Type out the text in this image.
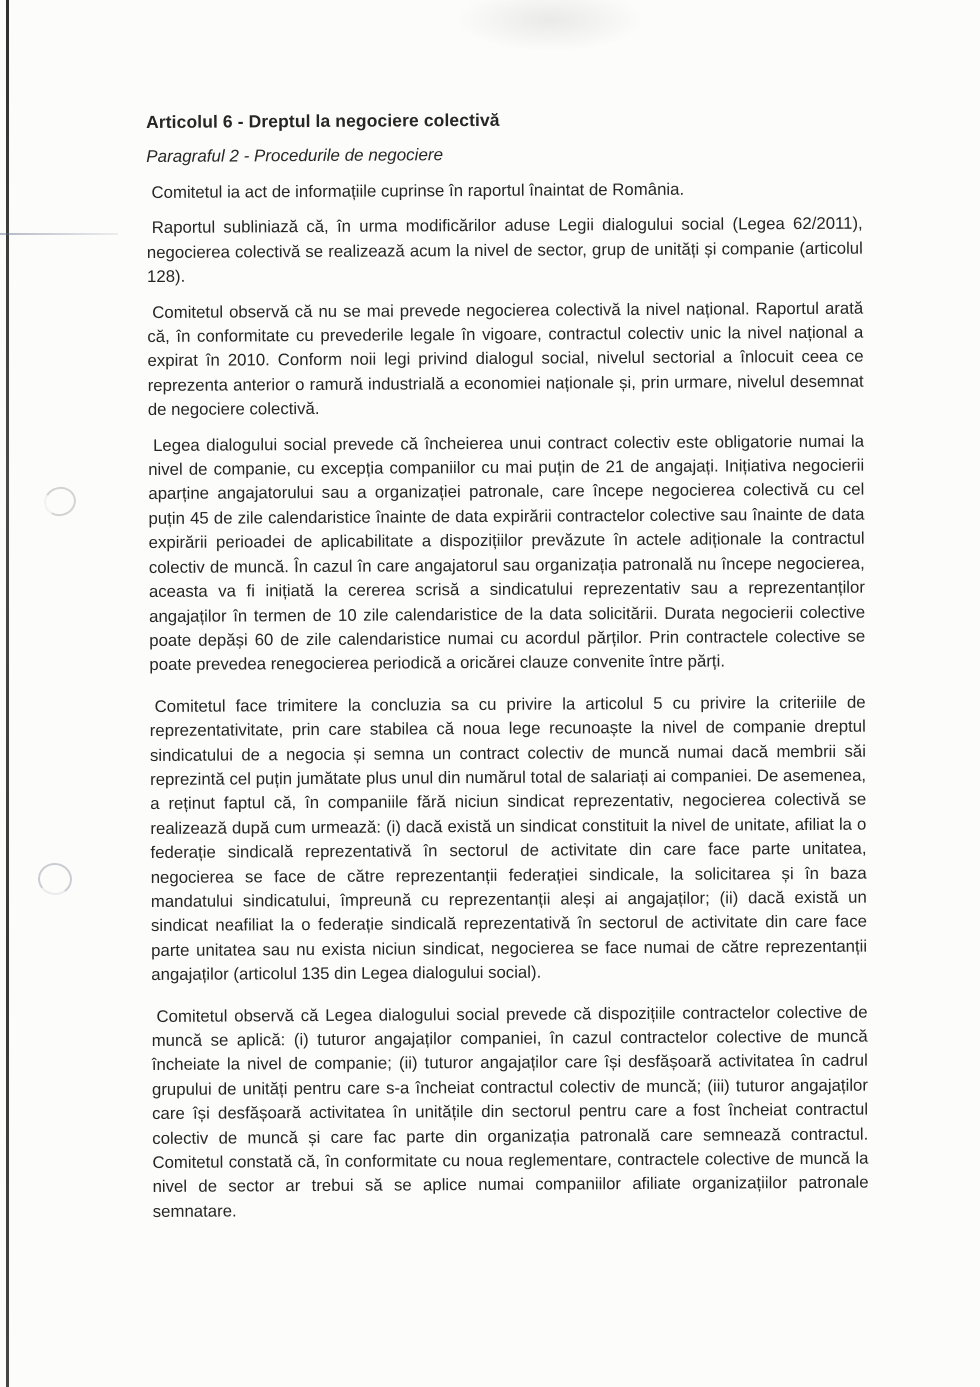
Articolul 6 - Dreptul la negociere colectivă
Paragraful 2 - Procedurile de negociere

Comitetul ia act de informațiile cuprinse în raportul înaintat de România.

Raportul subliniază că, în urma modificărilor aduse Legii dialogului social (Legea 62/2011), negocierea colectivă se realizează acum la nivel de sector, grup de unități și companie (articolul 128).

Comitetul observă că nu se mai prevede negocierea colectivă la nivel național. Raportul arată că, în conformitate cu prevederile legale în vigoare, contractul colectiv unic la nivel național a expirat în 2010. Conform noii legi privind dialogul social, nivelul sectorial a înlocuit ceea ce reprezenta anterior o ramură industrială a economiei naționale și, prin urmare, nivelul desemnat de negociere colectivă.

Legea dialogului social prevede că încheierea unui contract colectiv este obligatorie numai la nivel de companie, cu excepția companiilor cu mai puțin de 21 de angajați. Inițiativa negocierii aparține angajatorului sau a organizației patronale, care începe negocierea colectivă cu cel puțin 45 de zile calendaristice înainte de data expirării contractelor colective sau înainte de data expirării perioadei de aplicabilitate a dispozițiilor prevăzute în actele adiționale la contractul colectiv de muncă. În cazul în care angajatorul sau organizația patronală nu începe negocierea, aceasta va fi inițiată la cererea scrisă a sindicatului reprezentativ sau a reprezentanților angajaților în termen de 10 zile calendaristice de la data solicitării. Durata negocierii colective poate depăși 60 de zile calendaristice numai cu acordul părților. Prin contractele colective se poate prevedea renegocierea periodică a oricărei clauze convenite între părți.

Comitetul face trimitere la concluzia sa cu privire la articolul 5 cu privire la criteriile de reprezentativitate, prin care stabilea că noua lege recunoaște la nivel de companie dreptul sindicatului de a negocia și semna un contract colectiv de muncă numai dacă membrii săi reprezintă cel puțin jumătate plus unul din numărul total de salariați ai companiei. De asemenea, a reținut faptul că, în companiile fără niciun sindicat reprezentativ, negocierea colectivă se realizează după cum urmează: (i) dacă există un sindicat constituit la nivel de unitate, afiliat la o federație sindicală reprezentativă în sectorul de activitate din care face parte unitatea, negocierea se face de către reprezentanții federației sindicale, la solicitarea și în baza mandatului sindicatului, împreună cu reprezentanții aleși ai angajaților; (ii) dacă există un sindicat neafiliat la o federație sindicală reprezentativă în sectorul de activitate din care face parte unitatea sau nu exista niciun sindicat, negocierea se face numai de către reprezentanții angajaților (articolul 135 din Legea dialogului social).

Comitetul observă că Legea dialogului social prevede că dispozițiile contractelor colective de muncă se aplică: (i) tuturor angajaților companiei, în cazul contractelor colective de muncă încheiate la nivel de companie; (ii) tuturor angajaților care își desfășoară activitatea în cadrul grupului de unități pentru care s-a încheiat contractul colectiv de muncă; (iii) tuturor angajaților care își desfășoară activitatea în unitățile din sectorul pentru care a fost încheiat contractul colectiv de muncă și care fac parte din organizația patronală care semnează contractul. Comitetul constată că, în conformitate cu noua reglementare, contractele colective de muncă la nivel de sector ar trebui să se aplice numai companiilor afiliate organizațiilor patronale semnatare.
